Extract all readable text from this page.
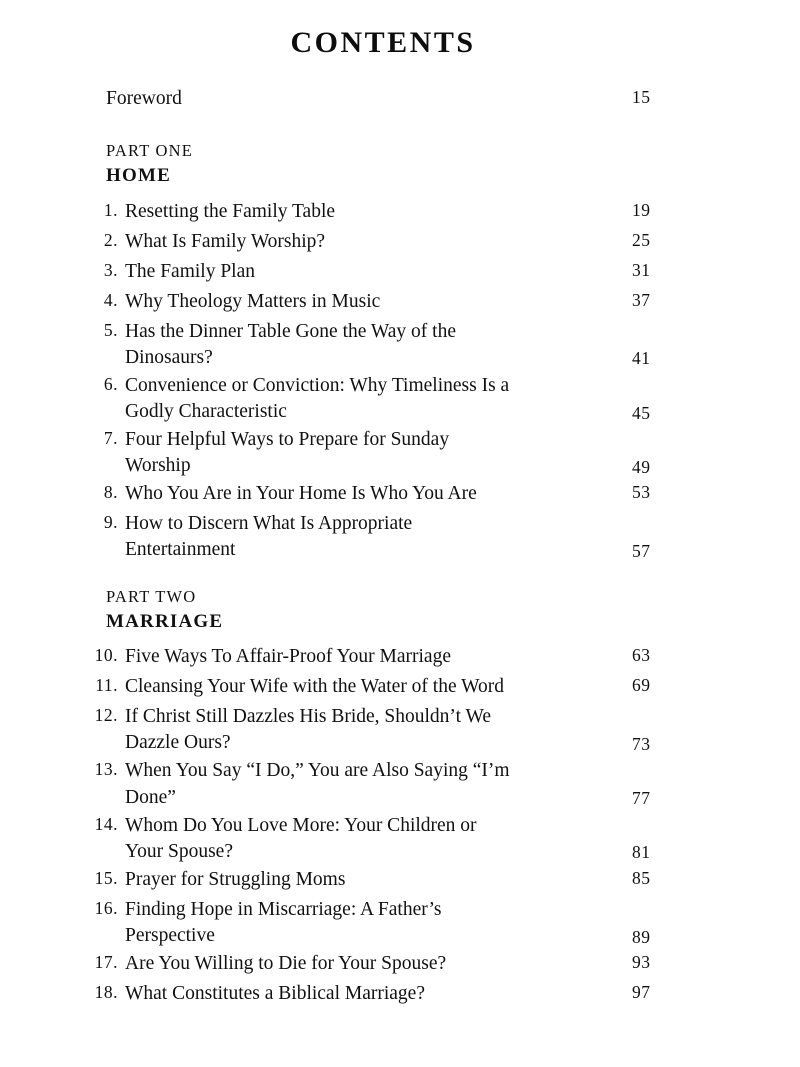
CONTENTS
Foreword	15
PART ONE
HOME
1. Resetting the Family Table	19
2. What Is Family Worship?	25
3. The Family Plan	31
4. Why Theology Matters in Music	37
5. Has the Dinner Table Gone the Way of the
Dinosaurs?	41
6. Convenience or Conviction: Why Timeliness Is a
Godly Characteristic	45
7. Four Helpful Ways to Prepare for Sunday
Worship	49
8. Who You Are in Your Home Is Who You Are	53
9. How to Discern What Is Appropriate
Entertainment	57
PART TWO
MARRIAGE
10. Five Ways To Affair-Proof Your Marriage	63
11. Cleansing Your Wife with the Water of the Word	69
12. If Christ Still Dazzles His Bride, Shouldn’t We
Dazzle Ours?	73
13. When You Say “I Do,” You are Also Saying “I’m
Done”	77
14. Whom Do You Love More: Your Children or
Your Spouse?	81
15. Prayer for Struggling Moms	85
16. Finding Hope in Miscarriage: A Father’s
Perspective	89
17. Are You Willing to Die for Your Spouse?	93
18. What Constitutes a Biblical Marriage?	97
